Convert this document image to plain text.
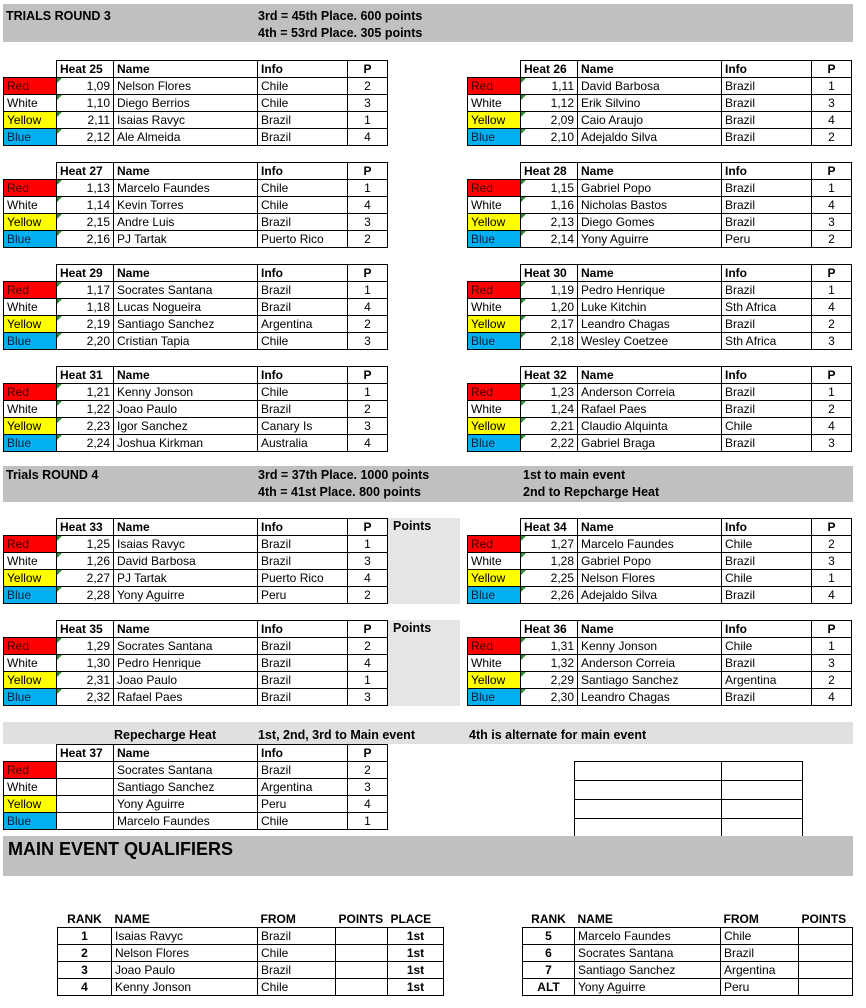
TRIALS ROUND 3	3rd = 45th Place. 600 points
4th = 53rd Place. 305 points
Trials ROUND 4	3rd = 37th Place. 1000 points
4th = 41st Place. 800 points
1st to main event
2nd to Repcharge Heat
Points
Points
Repecharge Heat	1st, 2nd, 3rd to Main event	4th is alternate for main event
	Heat 37	Name	Info	P
Red		Socrates Santana	Brazil	2
White		Santiago Sanchez	Argentina	3
Yellow		Yony Aguirre	Peru	4
Blue		Marcelo Faundes	Chile	1

MAIN EVENT QUALIFIERS
RANK	NAME	FROM	POINTS	PLACE
1	Isaias Ravyc	Brazil		1st
2	Nelson Flores	Chile		1st
3	Joao Paulo	Brazil		1st
4	Kenny Jonson	Chile		1st
RANK	NAME	FROM	POINTS
5	Marcelo Faundes	Chile	
6	Socrates Santana	Brazil	
7	Santiago Sanchez	Argentina	
ALT	Yony Aguirre	Peru	
	Heat 25	Name	Info	P
Red	1,09	Nelson Flores	Chile	2
White	1,10	Diego Berrios	Chile	3
Yellow	2,11	Isaias Ravyc	Brazil	1
Blue	2,12	Ale Almeida	Brazil	4
	Heat 26	Name	Info	P
Red	1,11	David Barbosa	Brazil	1
White	1,12	Erik Silvino	Brazil	3
Yellow	2,09	Caio Araujo	Brazil	4
Blue	2,10	Adejaldo Silva	Brazil	2
	Heat 27	Name	Info	P
Red	1,13	Marcelo Faundes	Chile	1
White	1,14	Kevin Torres	Chile	4
Yellow	2,15	Andre Luis	Brazil	3
Blue	2,16	PJ Tartak	Puerto Rico	2
	Heat 28	Name	Info	P
Red	1,15	Gabriel Popo	Brazil	1
White	1,16	Nicholas Bastos	Brazil	4
Yellow	2,13	Diego Gomes	Brazil	3
Blue	2,14	Yony Aguirre	Peru	2
	Heat 29	Name	Info	P
Red	1,17	Socrates Santana	Brazil	1
White	1,18	Lucas Nogueira	Brazil	4
Yellow	2,19	Santiago Sanchez	Argentina	2
Blue	2,20	Cristian Tapia	Chile	3
	Heat 30	Name	Info	P
Red	1,19	Pedro Henrique	Brazil	1
White	1,20	Luke Kitchin	Sth Africa	4
Yellow	2,17	Leandro Chagas	Brazil	2
Blue	2,18	Wesley Coetzee	Sth Africa	3
	Heat 31	Name	Info	P
Red	1,21	Kenny Jonson	Chile	1
White	1,22	Joao Paulo	Brazil	2
Yellow	2,23	Igor Sanchez	Canary Is	3
Blue	2,24	Joshua Kirkman	Australia	4
	Heat 32	Name	Info	P
Red	1,23	Anderson Correia	Brazil	1
White	1,24	Rafael Paes	Brazil	2
Yellow	2,21	Claudio Alquinta	Chile	4
Blue	2,22	Gabriel Braga	Brazil	3
	Heat 33	Name	Info	P
Red	1,25	Isaias Ravyc	Brazil	1
White	1,26	David Barbosa	Brazil	3
Yellow	2,27	PJ Tartak	Puerto Rico	4
Blue	2,28	Yony Aguirre	Peru	2
	Heat 34	Name	Info	P
Red	1,27	Marcelo Faundes	Chile	2
White	1,28	Gabriel Popo	Brazil	3
Yellow	2,25	Nelson Flores	Chile	1
Blue	2,26	Adejaldo Silva	Brazil	4
	Heat 35	Name	Info	P
Red	1,29	Socrates Santana	Brazil	2
White	1,30	Pedro Henrique	Brazil	4
Yellow	2,31	Joao Paulo	Brazil	1
Blue	2,32	Rafael Paes	Brazil	3
	Heat 36	Name	Info	P
Red	1,31	Kenny Jonson	Chile	1
White	1,32	Anderson Correia	Brazil	3
Yellow	2,29	Santiago Sanchez	Argentina	2
Blue	2,30	Leandro Chagas	Brazil	4
